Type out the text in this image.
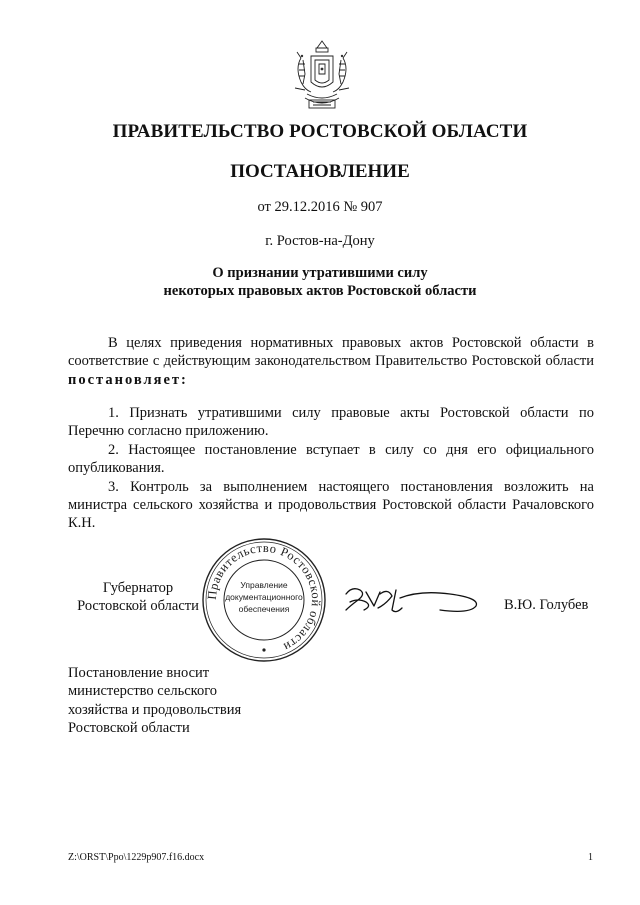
ПРАВИТЕЛЬСТВО РОСТОВСКОЙ ОБЛАСТИ
ПОСТАНОВЛЕНИЕ
от 29.12.2016 № 907
г. Ростов-на-Дону
О признании утратившими силу
некоторых правовых актов Ростовской области
В целях приведения нормативных правовых актов Ростовской области в соответствие с действующим законодательством Правительство Ростовской области постановляет:

1. Признать утратившими силу правовые акты Ростовской области по Перечню согласно приложению.

2. Настоящее постановление вступает в силу со дня его официального опубликования.

3. Контроль за выполнением настоящего постановления возложить на министра сельского хозяйства и продовольствия Ростовской области Рачаловского К.Н.

Губернатор
Ростовской области
Правительство Ростовской области
Управление
документационного
обеспечения	В.Ю. Голубев
Постановление вносит
министерство сельского
хозяйства и продовольствия
Ростовской области
Z:\ORST\Ppo\1229p907.f16.docx	1
